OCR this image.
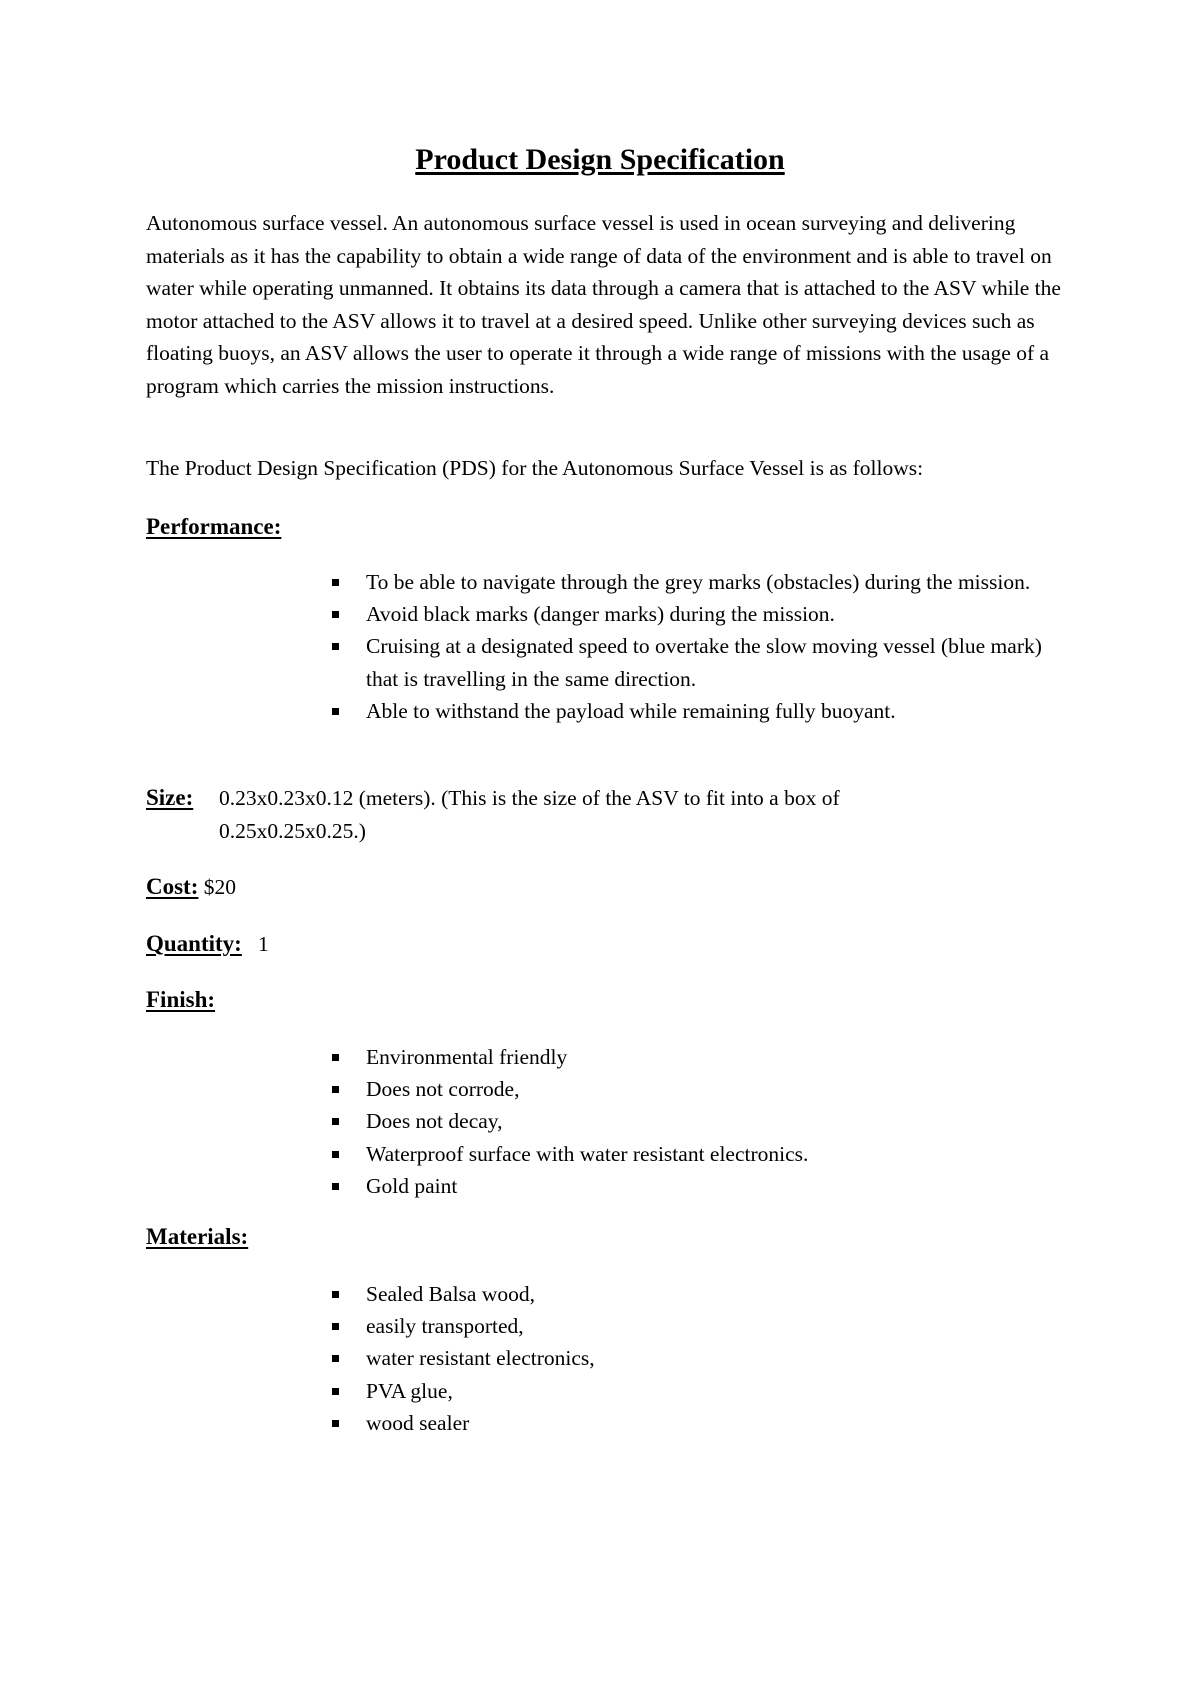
Product Design Specification

Autonomous surface vessel. An autonomous surface vessel is used in ocean surveying and delivering materials as it has the capability to obtain a wide range of data of the environment and is able to travel on water while operating unmanned. It obtains its data through a camera that is attached to the ASV while the motor attached to the ASV allows it to travel at a desired speed. Unlike other surveying devices such as floating buoys, an ASV allows the user to operate it through a wide range of missions with the usage of a program which carries the mission instructions.

The Product Design Specification (PDS) for the Autonomous Surface Vessel is as follows:

Performance:

To be able to navigate through the grey marks (obstacles) during the mission.
Avoid black marks (danger marks) during the mission.
Cruising at a designated speed to overtake the slow moving vessel (blue mark) that is travelling in the same direction.
Able to withstand the payload while remaining fully buoyant.

Size: 0.23x0.23x0.12 (meters). (This is the size of the ASV to fit into a box of 0.25x0.25x0.25.)

Cost: $20

Quantity: 1

Finish:

Environmental friendly
Does not corrode,
Does not decay,
Waterproof surface with water resistant electronics.
Gold paint

Materials:

Sealed Balsa wood,
easily transported,
water resistant electronics,
PVA glue,
wood sealer
